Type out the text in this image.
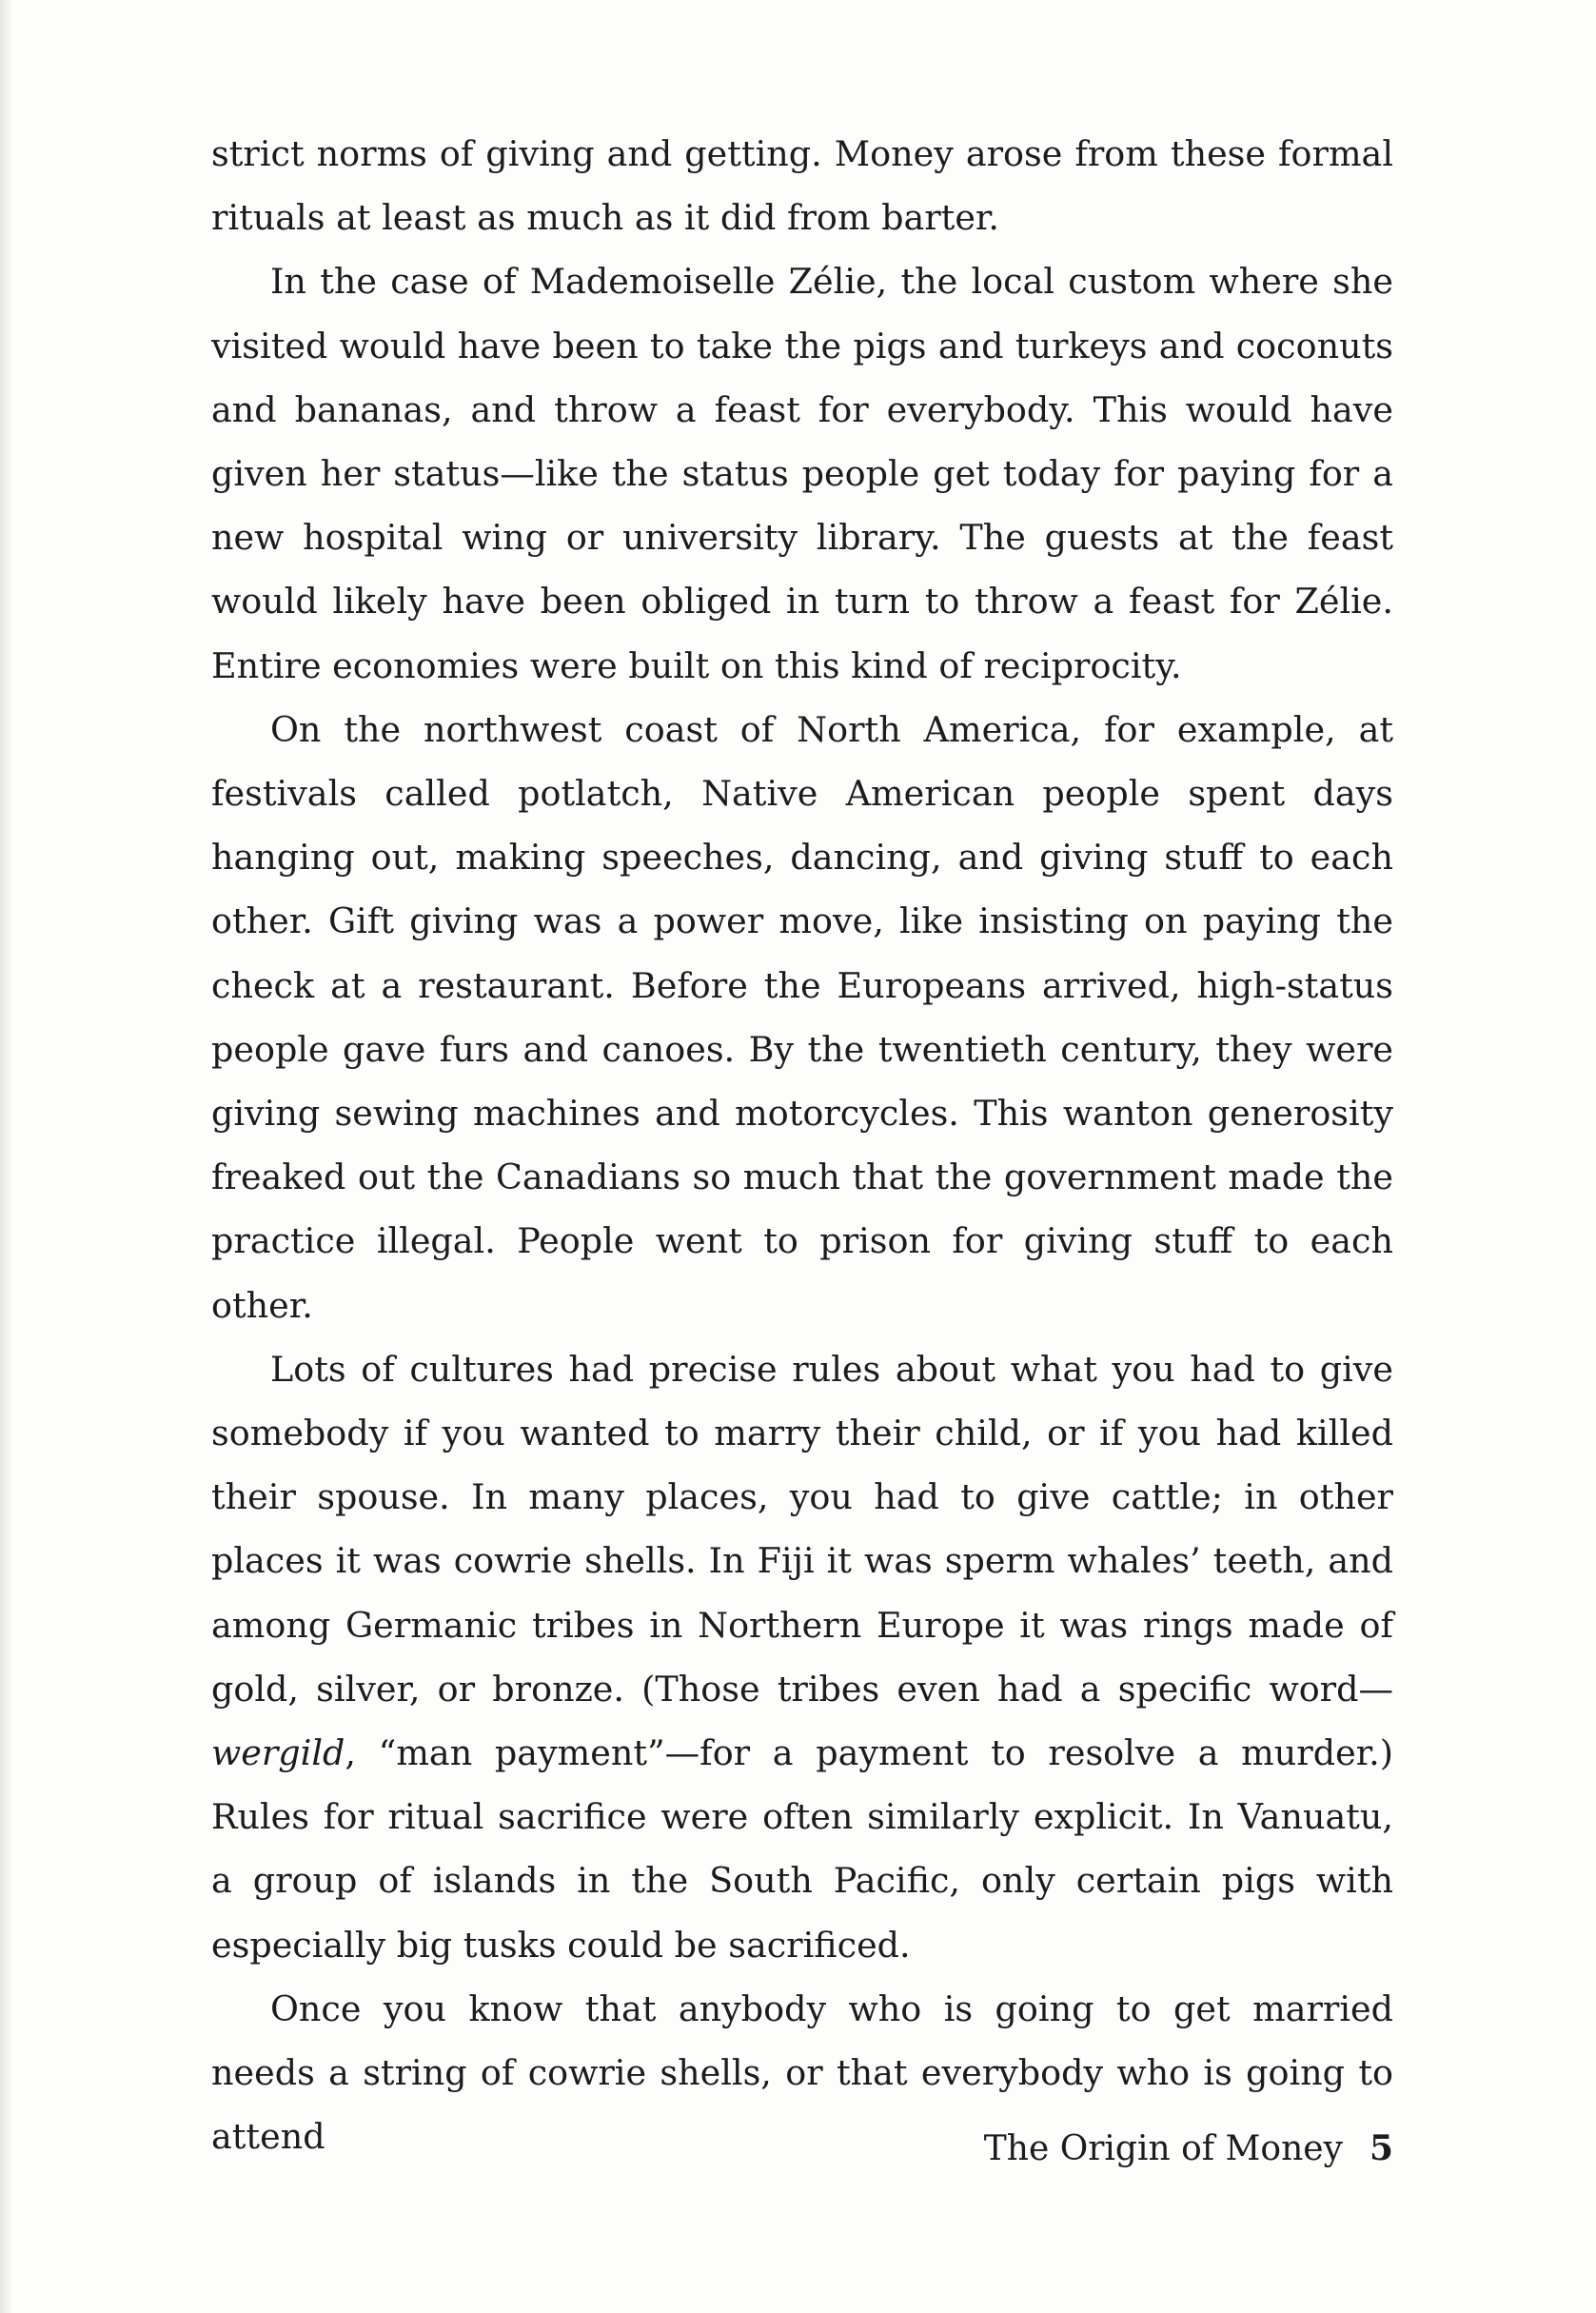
strict norms of giving and getting. Money arose from these formal rituals at least as much as it did from barter.

In the case of Mademoiselle Zélie, the local custom where she visited would have been to take the pigs and turkeys and coconuts and bananas, and throw a feast for everybody. This would have given her status—like the status people get today for paying for a new hospital wing or university library. The guests at the feast would likely have been obliged in turn to throw a feast for Zélie. Entire economies were built on this kind of reciprocity.

On the northwest coast of North America, for example, at festivals called potlatch, Native American people spent days hanging out, making speeches, dancing, and giving stuff to each other. Gift giving was a power move, like insisting on paying the check at a restaurant. Before the Europeans arrived, high-status people gave furs and canoes. By the twentieth century, they were giving sewing machines and motorcycles. This wanton generosity freaked out the Canadians so much that the government made the practice illegal. People went to prison for giving stuff to each other.

Lots of cultures had precise rules about what you had to give somebody if you wanted to marry their child, or if you had killed their spouse. In many places, you had to give cattle; in other places it was cowrie shells. In Fiji it was sperm whales’ teeth, and among Germanic tribes in Northern Europe it was rings made of gold, silver, or bronze. (Those tribes even had a specific word—wergild, “man payment”—for a payment to resolve a murder.) Rules for ritual sacrifice were often similarly explicit. In Vanuatu, a group of islands in the South Pacific, only certain pigs with especially big tusks could be sacrificed.

Once you know that anybody who is going to get married needs a string of cowrie shells, or that everybody who is going to attend	The Origin of Money 5
